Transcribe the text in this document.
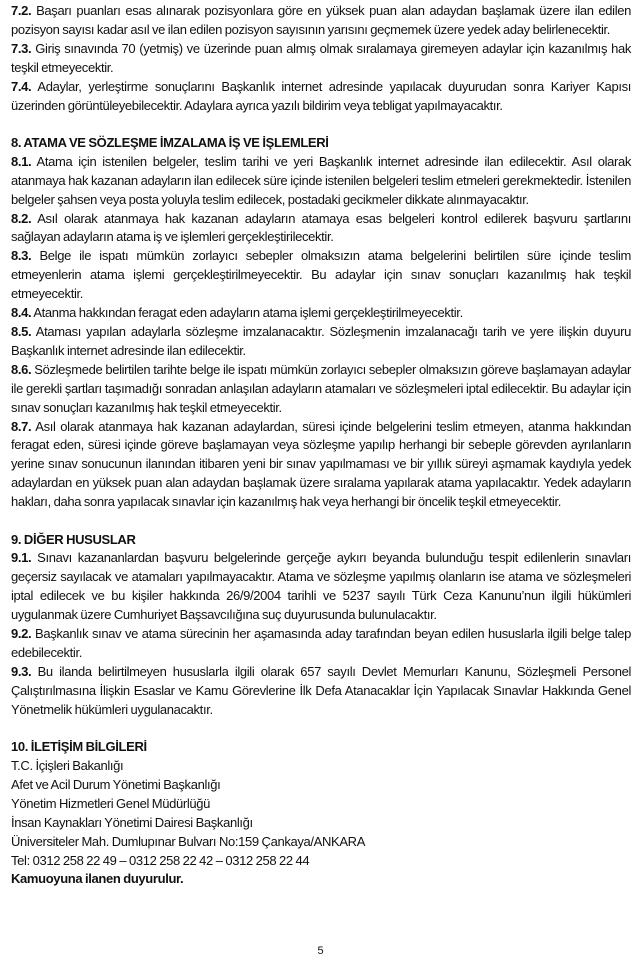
7.2. Başarı puanları esas alınarak pozisyonlara göre en yüksek puan alan adaydan başlamak üzere ilan edilen pozisyon sayısı kadar asıl ve ilan edilen pozisyon sayısının yarısını geçmemek üzere yedek aday belirlenecektir.

7.3. Giriş sınavında 70 (yetmiş) ve üzerinde puan almış olmak sıralamaya giremeyen adaylar için kazanılmış hak teşkil etmeyecektir.

7.4. Adaylar, yerleştirme sonuçlarını Başkanlık internet adresinde yapılacak duyurudan sonra Kariyer Kapısı üzerinden görüntüleyebilecektir. Adaylara ayrıca yazılı bildirim veya tebligat yapılmayacaktır.

8. ATAMA VE SÖZLEŞME İMZALAMA İŞ VE İŞLEMLERİ

8.1. Atama için istenilen belgeler, teslim tarihi ve yeri Başkanlık internet adresinde ilan edilecektir. Asıl olarak atanmaya hak kazanan adayların ilan edilecek süre içinde istenilen belgeleri teslim etmeleri gerekmektedir. İstenilen belgeler şahsen veya posta yoluyla teslim edilecek, postadaki gecikmeler dikkate alınmayacaktır.

8.2. Asıl olarak atanmaya hak kazanan adayların atamaya esas belgeleri kontrol edilerek başvuru şartlarını sağlayan adayların atama iş ve işlemleri gerçekleştirilecektir.

8.3. Belge ile ispatı mümkün zorlayıcı sebepler olmaksızın atama belgelerini belirtilen süre içinde teslim etmeyenlerin atama işlemi gerçekleştirilmeyecektir. Bu adaylar için sınav sonuçları kazanılmış hak teşkil etmeyecektir.

8.4. Atanma hakkından feragat eden adayların atama işlemi gerçekleştirilmeyecektir.

8.5. Ataması yapılan adaylarla sözleşme imzalanacaktır. Sözleşmenin imzalanacağı tarih ve yere ilişkin duyuru Başkanlık internet adresinde ilan edilecektir.

8.6. Sözleşmede belirtilen tarihte belge ile ispatı mümkün zorlayıcı sebepler olmaksızın göreve başlamayan adaylar ile gerekli şartları taşımadığı sonradan anlaşılan adayların atamaları ve sözleşmeleri iptal edilecektir. Bu adaylar için sınav sonuçları kazanılmış hak teşkil etmeyecektir.

8.7. Asıl olarak atanmaya hak kazanan adaylardan, süresi içinde belgelerini teslim etmeyen, atanma hakkından feragat eden, süresi içinde göreve başlamayan veya sözleşme yapılıp herhangi bir sebeple görevden ayrılanların yerine sınav sonucunun ilanından itibaren yeni bir sınav yapılmaması ve bir yıllık süreyi aşmamak kaydıyla yedek adaylardan en yüksek puan alan adaydan başlamak üzere sıralama yapılarak atama yapılacaktır. Yedek adayların hakları, daha sonra yapılacak sınavlar için kazanılmış hak veya herhangi bir öncelik teşkil etmeyecektir.

9. DİĞER HUSUSLAR

9.1. Sınavı kazananlardan başvuru belgelerinde gerçeğe aykırı beyanda bulunduğu tespit edilenlerin sınavları geçersiz sayılacak ve atamaları yapılmayacaktır. Atama ve sözleşme yapılmış olanların ise atama ve sözleşmeleri iptal edilecek ve bu kişiler hakkında 26/9/2004 tarihli ve 5237 sayılı Türk Ceza Kanunu’nun ilgili hükümleri uygulanmak üzere Cumhuriyet Başsavcılığına suç duyurusunda bulunulacaktır.

9.2. Başkanlık sınav ve atama sürecinin her aşamasında aday tarafından beyan edilen hususlarla ilgili belge talep edebilecektir.

9.3. Bu ilanda belirtilmeyen hususlarla ilgili olarak 657 sayılı Devlet Memurları Kanunu, Sözleşmeli Personel Çalıştırılmasına İlişkin Esaslar ve Kamu Görevlerine İlk Defa Atanacaklar İçin Yapılacak Sınavlar Hakkında Genel Yönetmelik hükümleri uygulanacaktır.

10. İLETİŞİM BİLGİLERİ

T.C. İçişleri Bakanlığı

Afet ve Acil Durum Yönetimi Başkanlığı

Yönetim Hizmetleri Genel Müdürlüğü

İnsan Kaynakları Yönetimi Dairesi Başkanlığı

Üniversiteler Mah. Dumlupınar Bulvarı No:159 Çankaya/ANKARA

Tel: 0312 258 22 49 – 0312 258 22 42 – 0312 258 22 44

Kamuoyuna ilanen duyurulur.

5
